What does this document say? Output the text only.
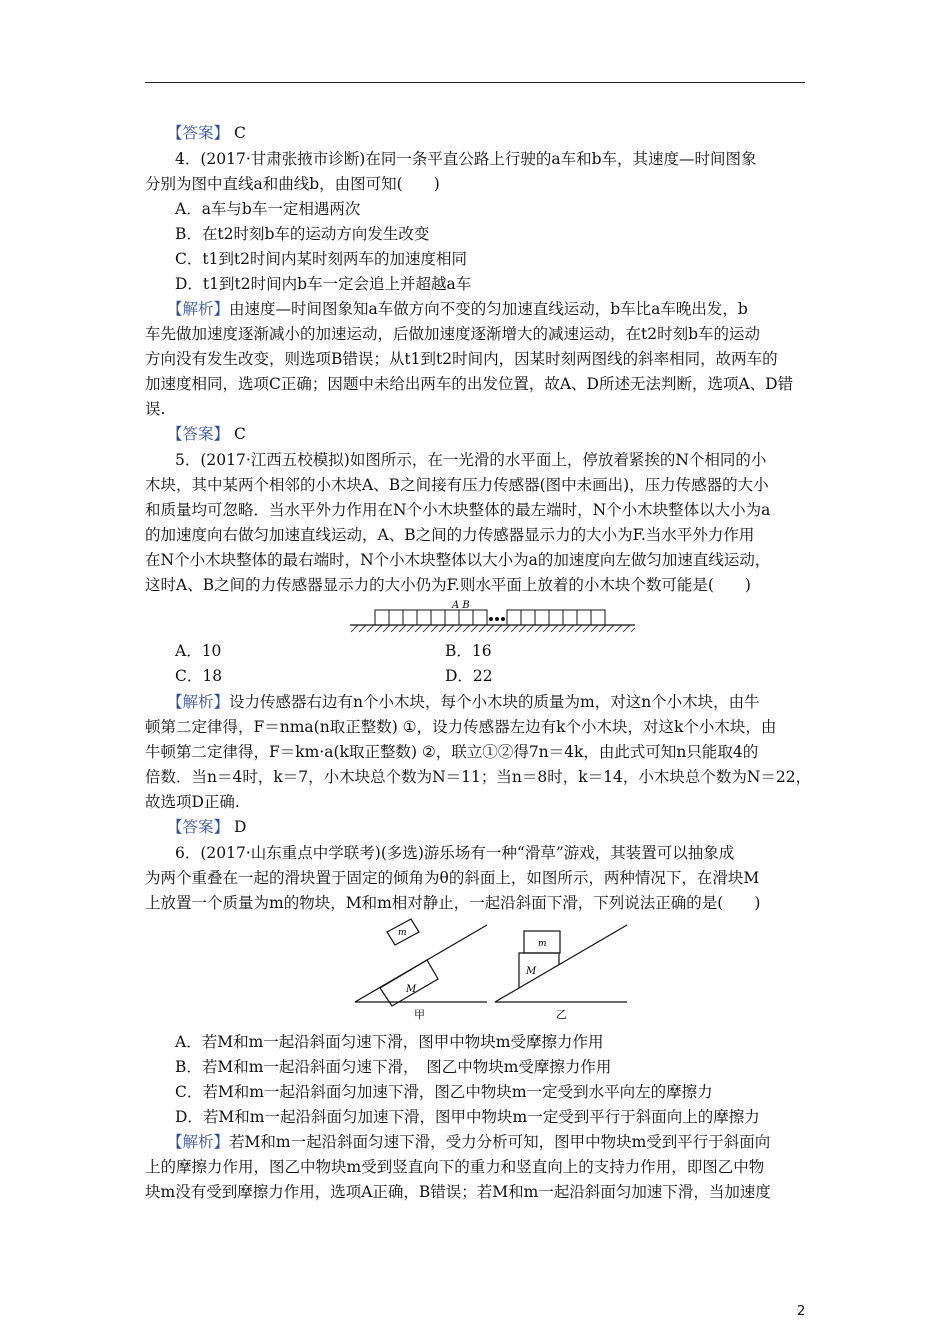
【答案】 C
4．(2017·甘肃张掖市诊断)在同一条平直公路上行驶的a车和b车，其速度—时间图象
分别为图中直线a和曲线b，由图可知(　　)
A．a车与b车一定相遇两次
B．在t2时刻b车的运动方向发生改变
C．t1到t2时间内某时刻两车的加速度相同
D．t1到t2时间内b车一定会追上并超越a车
【解析】由速度—时间图象知a车做方向不变的匀加速直线运动，b车比a车晚出发，b
车先做加速度逐渐减小的加速运动，后做加速度逐渐增大的减速运动，在t2时刻b车的运动
方向没有发生改变，则选项B错误；从t1到t2时间内，因某时刻两图线的斜率相同，故两车的
加速度相同，选项C正确；因题中未给出两车的出发位置，故A、D所述无法判断，选项A、D错
误.
【答案】 C
5．(2017·江西五校模拟)如图所示，在一光滑的水平面上，停放着紧挨的N个相同的小
木块，其中某两个相邻的小木块A、B之间接有压力传感器(图中未画出)，压力传感器的大小
和质量均可忽略．当水平外力作用在N个小木块整体的最左端时，N个小木块整体以大小为a
的加速度向右做匀加速直线运动，A、B之间的力传感器显示力的大小为F.当水平外力作用
在N个小木块整体的最右端时，N个小木块整体以大小为a的加速度向左做匀加速直线运动，
这时A、B之间的力传感器显示力的大小仍为F.则水平面上放着的小木块个数可能是(　　)
A B
A．10	B．16
C．18	D．22
【解析】设力传感器右边有n个小木块，每个小木块的质量为m，对这n个小木块，由牛
顿第二定律得，F＝nma(n取正整数) ①，设力传感器左边有k个小木块，对这k个小木块，由
牛顿第二定律得，F＝km·a(k取正整数) ②，联立①②得7n＝4k，由此式可知n只能取4的
倍数．当n＝4时，k＝7，小木块总个数为N＝11；当n＝8时，k＝14，小木块总个数为N＝22，
故选项D正确.
【答案】 D
6．(2017·山东重点中学联考)(多选)游乐场有一种“滑草”游戏，其装置可以抽象成
为两个重叠在一起的滑块置于固定的倾角为θ的斜面上，如图所示，两种情况下，在滑块M
上放置一个质量为m的物块，M和m相对静止，一起沿斜面下滑，下列说法正确的是(　　)
M
m
M
m
甲	乙
A．若M和m一起沿斜面匀速下滑，图甲中物块m受摩擦力作用
B．若M和m一起沿斜面匀速下滑，　图乙中物块m受摩擦力作用
C．若M和m一起沿斜面匀加速下滑，图乙中物块m一定受到水平向左的摩擦力
D．若M和m一起沿斜面匀加速下滑，图甲中物块m一定受到平行于斜面向上的摩擦力
【解析】若M和m一起沿斜面匀速下滑，受力分析可知，图甲中物块m受到平行于斜面向
上的摩擦力作用，图乙中物块m受到竖直向下的重力和竖直向上的支持力作用，即图乙中物
块m没有受到摩擦力作用，选项A正确，B错误；若M和m一起沿斜面匀加速下滑，当加速度
2
